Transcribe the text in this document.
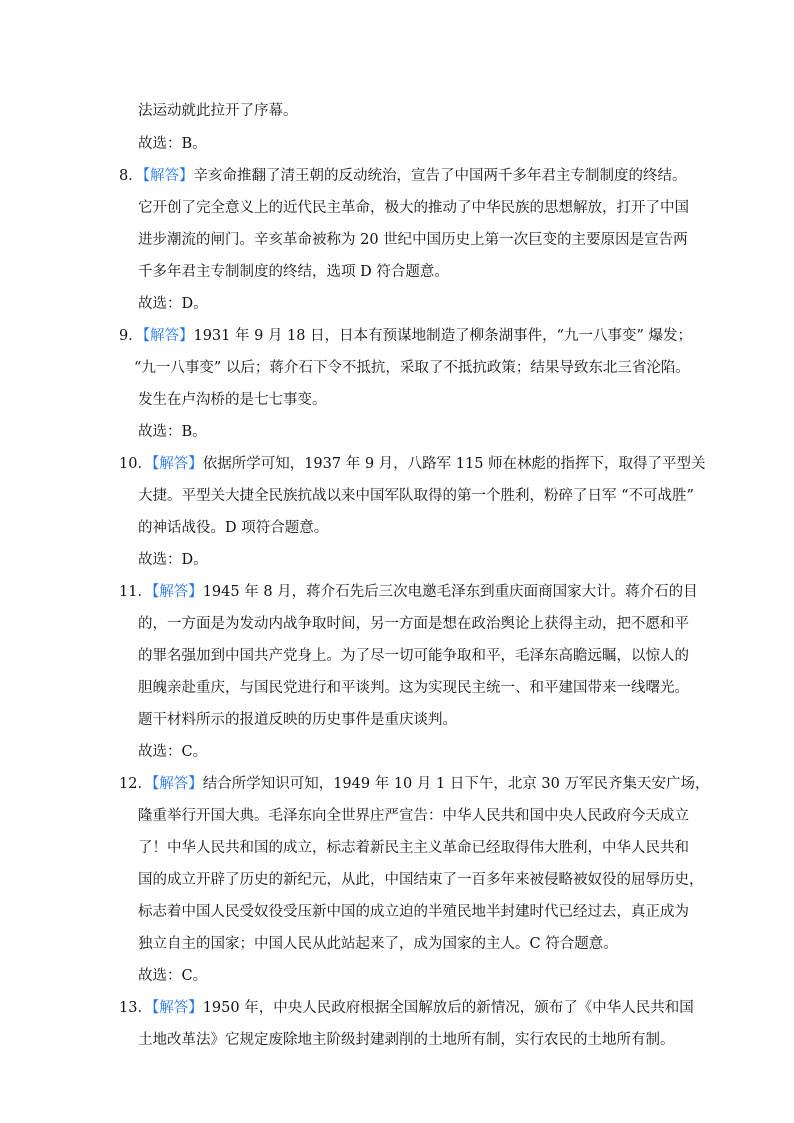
法运动就此拉开了序幕。
故选：B。
8．【解答】辛亥命推翻了清王朝的反动统治，宣告了中国两千多年君主专制制度的终结。
它开创了完全意义上的近代民主革命，极大的推动了中华民族的思想解放，打开了中国
进步潮流的闸门。辛亥革命被称为 20 世纪中国历史上第一次巨变的主要原因是宣告两
千多年君主专制制度的终结，选项 D 符合题意。
故选：D。
9．【解答】1931 年 9 月 18 日，日本有预谋地制造了柳条湖事件，“九一八事变” 爆发；
“九一八事变” 以后；蒋介石下令不抵抗，采取了不抵抗政策；结果导致东北三省沦陷。
发生在卢沟桥的是七七事变。
故选：B。
10．【解答】依据所学可知，1937 年 9 月，八路军 115 师在林彪的指挥下，取得了平型关
大捷。平型关大捷全民族抗战以来中国军队取得的第一个胜利，粉碎了日军 “不可战胜”
的神话战役。D 项符合题意。
故选：D。
11．【解答】1945 年 8 月，蒋介石先后三次电邀毛泽东到重庆面商国家大计。蒋介石的目
的，一方面是为发动内战争取时间，另一方面是想在政治舆论上获得主动，把不愿和平
的罪名强加到中国共产党身上。为了尽一切可能争取和平，毛泽东高瞻远瞩，以惊人的
胆魄亲赴重庆，与国民党进行和平谈判。这为实现民主统一、和平建国带来一线曙光。
题干材料所示的报道反映的历史事件是重庆谈判。
故选：C。
12．【解答】结合所学知识可知，1949 年 10 月 1 日下午，北京 30 万军民齐集天安广场，
隆重举行开国大典。毛泽东向全世界庄严宣告：中华人民共和国中央人民政府今天成立
了！中华人民共和国的成立，标志着新民主主义革命已经取得伟大胜利，中华人民共和
国的成立开辟了历史的新纪元，从此，中国结束了一百多年来被侵略被奴役的屈辱历史，
标志着中国人民受奴役受压新中国的成立迫的半殖民地半封建时代已经过去，真正成为
独立自主的国家；中国人民从此站起来了，成为国家的主人。C 符合题意。
故选：C。
13．【解答】1950 年，中央人民政府根据全国解放后的新情况，颁布了《中华人民共和国
土地改革法》它规定废除地主阶级封建剥削的土地所有制，实行农民的土地所有制。
